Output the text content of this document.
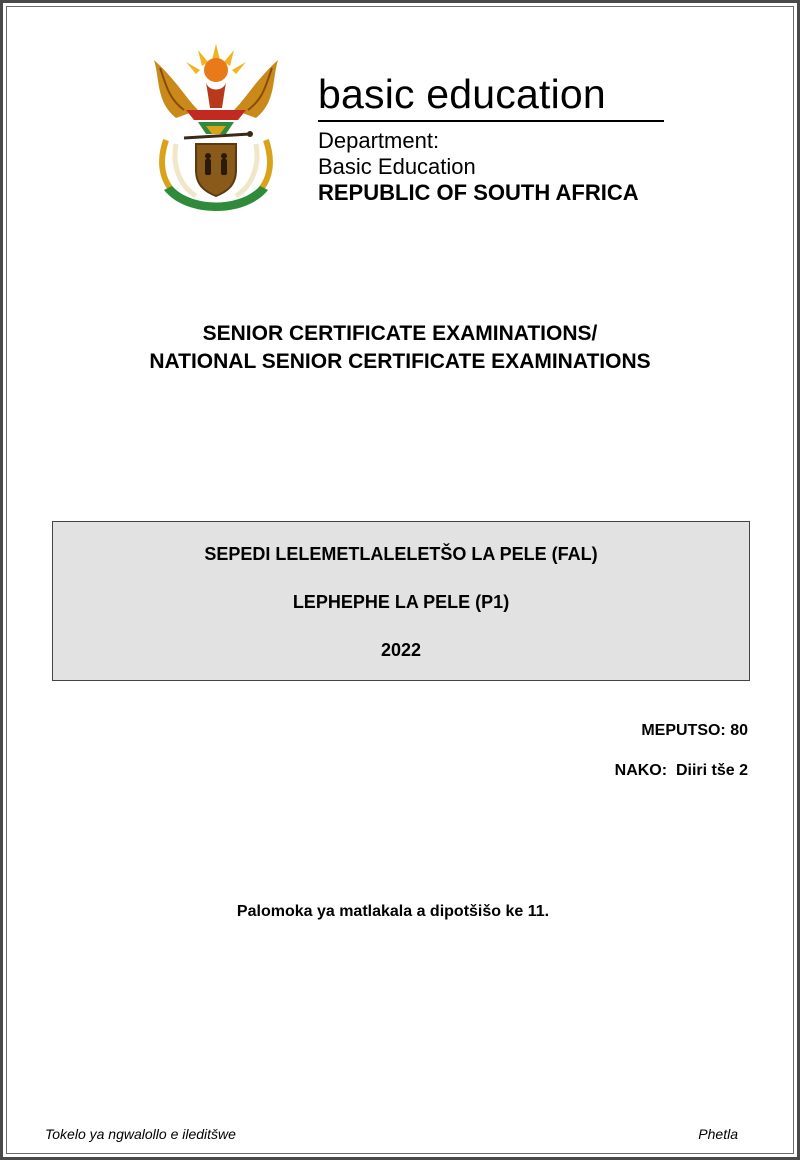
basic education
Department:
Basic Education
REPUBLIC OF SOUTH AFRICA
SENIOR CERTIFICATE EXAMINATIONS/
NATIONAL SENIOR CERTIFICATE EXAMINATIONS
SEPEDI LELEMETLALELETŠO LA PELE (FAL)
LEPHEPHE LA PELE (P1)
2022
MEPUTSO: 80
NAKO:  Diiri tše 2
Palomoka ya matlakala a dipotšišo ke 11.
Tokelo ya ngwalollo e ileditšwe	Phetla
